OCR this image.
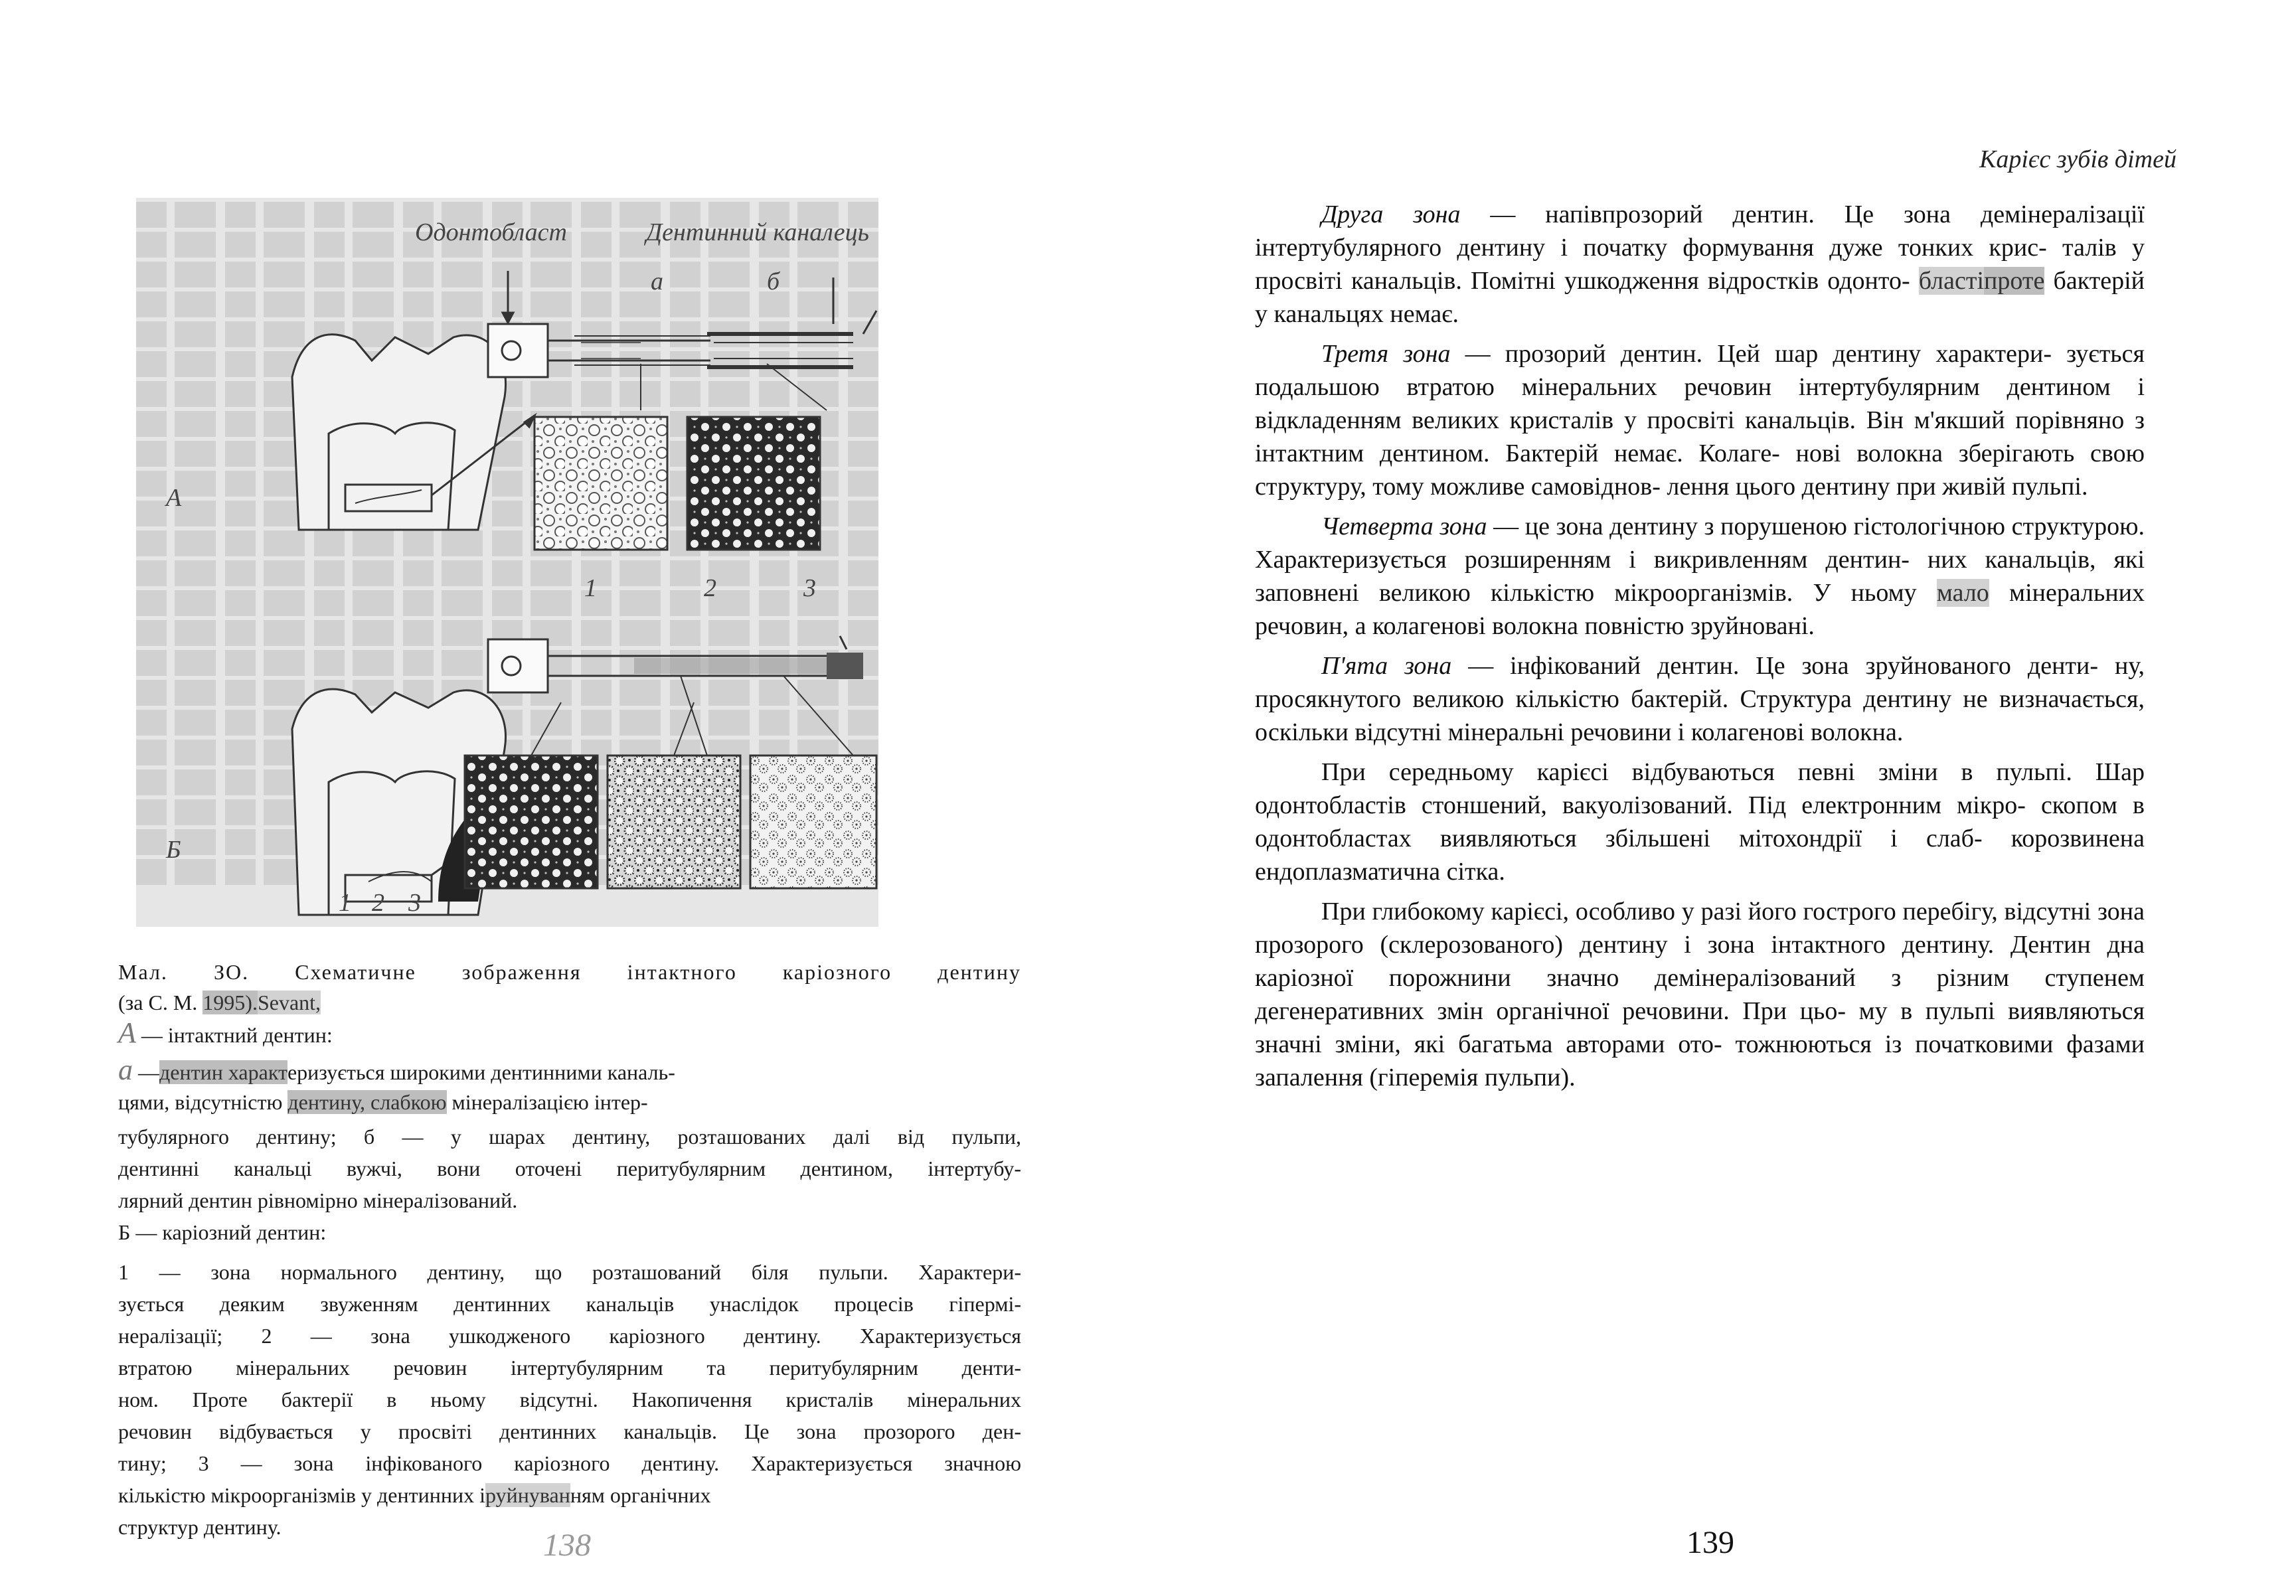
Одонтобласт	Дентинний каналець
а	б
А
1	2	3
Б
1 2 3

Мал. ЗО. Схематичне зображення інтактного каріозного дентину

(за С. М. 1995).Sevant,
А — інтактний дентин:
а —дентин характеризується широкими дентинними каналь-
цями, відсутністю дентину, слабкою мінералізацією інтер-

тубулярного дентину; б — у шарах дентину, розташованих далі від пульпи,

дентинні канальці вужчі, вони оточені перитубулярним дентином, інтертубу-

лярний дентин рівномірно мінералізований.

Б — каріозний дентин:

1 — зона нормального дентину, що розташований біля пульпи. Характери-

зується деяким звуженням дентинних канальців унаслідок процесів гіпермі-

нералізації; 2 — зона ушкодженого каріозного дентину. Характеризується

втратою мінеральних речовин інтертубулярним та перитубулярним денти-

ном. Проте бактерії в ньому відсутні. Накопичення кристалів мінеральних

речовин відбувається у просвіті дентинних канальців. Це зона прозорого ден-

тину; 3 — зона інфікованого каріозного дентину. Характеризується значною

кількістю мікроорганізмів у дентинних іруйнуванням органічних

структур дентину.

138
Карієс зубів дітей

Друга зона — напівпрозорий дентин. Це зона демінералізації інтертубулярного дентину і початку формування дуже тонких крис- талів у просвіті канальців. Помітні ушкодження відростків одонто- бластіпроте бактерій у канальцях немає.

Третя зона — прозорий дентин. Цей шар дентину характери- зується подальшою втратою мінеральних речовин інтертубулярним дентином і відкладенням великих кристалів у просвіті канальців. Він м'якший порівняно з інтактним дентином. Бактерій немає. Колаге- нові волокна зберігають свою структуру, тому можливе самовіднов- лення цього дентину при живій пульпі.

Четверта зона — це зона дентину з порушеною гістологічною структурою. Характеризується розширенням і викривленням дентин- них канальців, які заповнені великою кількістю мікроорганізмів. У ньому мало мінеральних речовин, а колагенові волокна повністю зруйновані.

П'ята зона — інфікований дентин. Це зона зруйнованого денти- ну, просякнутого великою кількістю бактерій. Структура дентину не визначається, оскільки відсутні мінеральні речовини і колагенові волокна.

При середньому карієсі відбуваються певні зміни в пульпі. Шар одонтобластів стоншений, вакуолізований. Під електронним мікро- скопом в одонтобластах виявляються збільшені мітохондрії і слаб- корозвинена ендоплазматична сітка.

При глибокому карієсі, особливо у разі його гострого перебігу, відсутні зона прозорого (склерозованого) дентину і зона інтактного дентину. Дентин дна каріозної порожнини значно демінералізований з різним ступенем дегенеративних змін органічної речовини. При цьо- му в пульпі виявляються значні зміни, які багатьма авторами ото- тожнюються із початковими фазами запалення (гіперемія пульпи).

139
